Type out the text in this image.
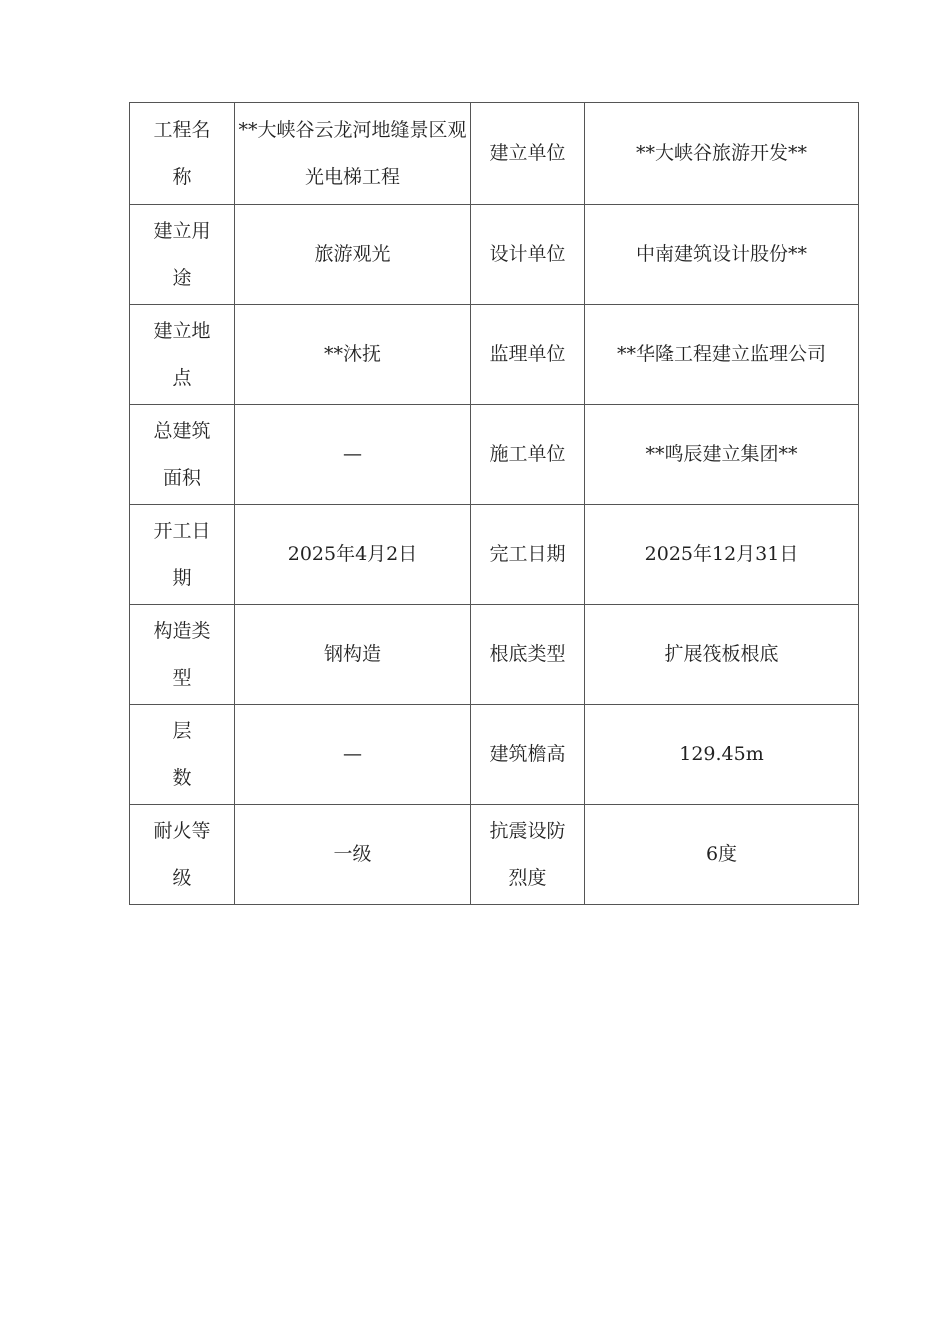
工程名称	**大峡谷云龙河地缝景区观光电梯工程	建立单位	**大峡谷旅游开发**
建立用途	旅游观光	设计单位	中南建筑设计股份**
建立地点	**沐抚	监理单位	**华隆工程建立监理公司
总建筑面积	—	施工单位	**鸣辰建立集团**
开工日期	2025年4月2日	完工日期	2025年12月31日
构造类型	钢构造	根底类型	扩展筏板根底
层数	—	建筑檐高	129.45m
耐火等级	一级	抗震设防烈度	6度
